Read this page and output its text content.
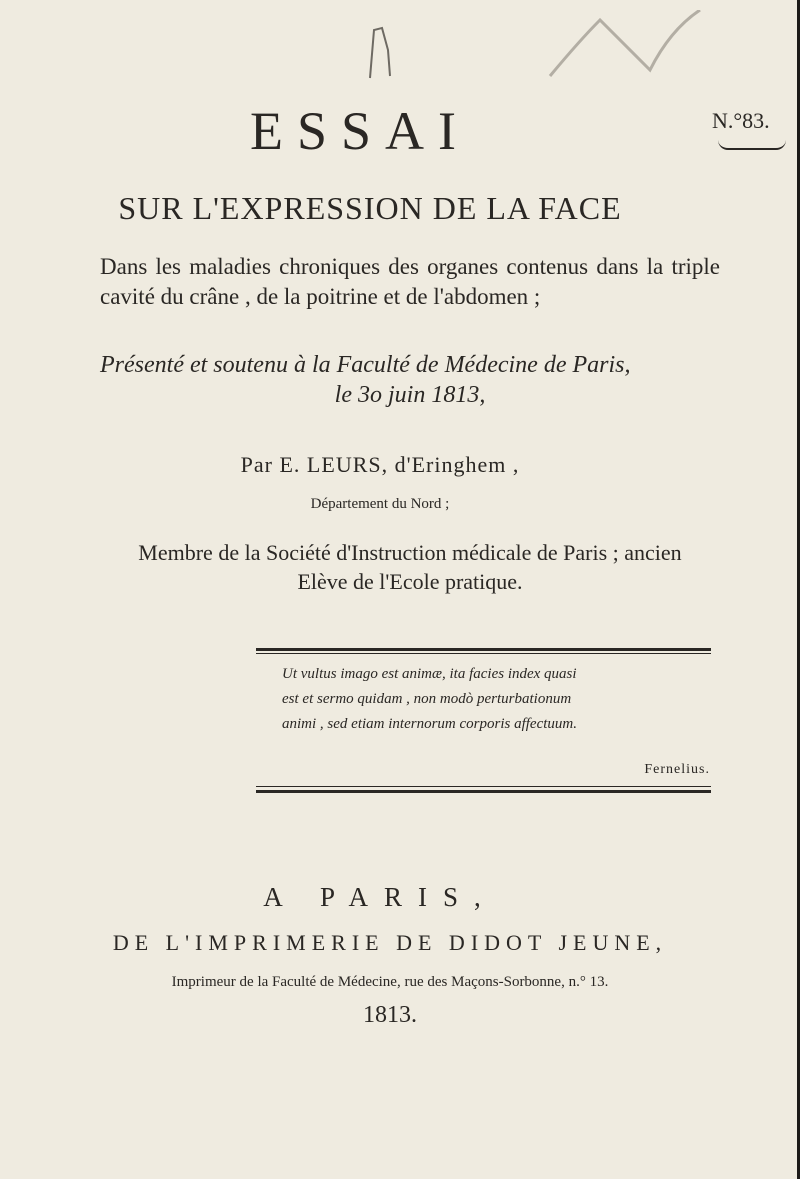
ESSAI	N.°83.
SUR L'EXPRESSION DE LA FACE
Dans les maladies chroniques des organes contenus dans la triple cavité du crâne , de la poitrine et de l'abdomen ;
Présenté et soutenu à la Faculté de Médecine de Paris,
le 3o juin 1813,
Par E. LEURS, d'Eringhem ,
Département du Nord ;
Membre de la Société d'Instruction médicale de Paris ; ancien
Elève de l'Ecole pratique.
Ut vultus imago est animæ, ita facies index quasi
est et sermo quidam , non modò perturbationum
animi , sed etiam internorum corporis affectuum.
Fernelius.
A PARIS,
DE L'IMPRIMERIE DE DIDOT JEUNE,
Imprimeur de la Faculté de Médecine, rue des Maçons-Sorbonne, n.° 13.
1813.
